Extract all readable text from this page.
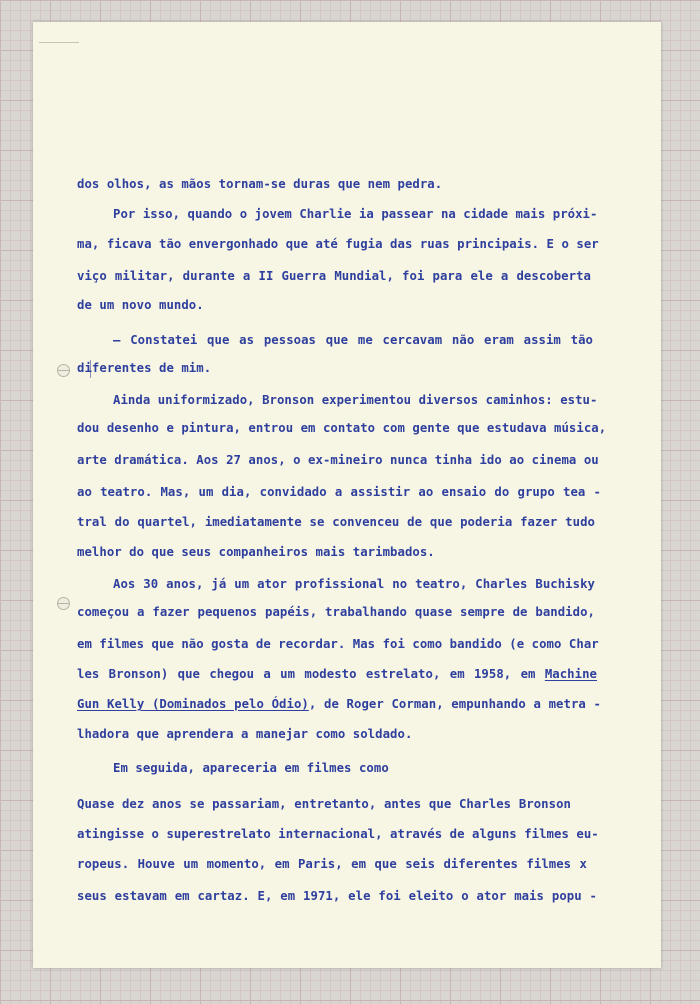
dos olhos, as mãos tornam-se duras que nem pedra.

Por isso, quando o jovem Charlie ia passear na cidade mais próxi-

ma, ficava tão envergonhado que até fugia das ruas principais. E o ser

viço militar, durante a II Guerra Mundial, foi para ele a descoberta

de um novo mundo.

— Constatei que as pessoas que me cercavam não eram assim tão

diferentes de mim.

Ainda uniformizado, Bronson experimentou diversos caminhos: estu-

dou desenho e pintura, entrou em contato com gente que estudava música,

arte dramática. Aos 27 anos, o ex-mineiro nunca tinha ido ao cinema ou

ao teatro. Mas, um dia, convidado a assistir ao ensaio do grupo tea -

tral do quartel, imediatamente se convenceu de que poderia fazer tudo

melhor do que seus companheiros mais tarimbados.

Aos 30 anos, já um ator profissional no teatro, Charles Buchisky

começou a fazer pequenos papéis, trabalhando quase sempre de bandido,

em filmes que não gosta de recordar. Mas foi como bandido (e como Char

les Bronson) que chegou a um modesto estrelato, em 1958, em Machine

Gun Kelly (Dominados pelo Ódio), de Roger Corman, empunhando a metra -

lhadora que aprendera a manejar como soldado.

Em seguida, apareceria em filmes como

Quase dez anos se passariam, entretanto, antes que Charles Bronson

atingisse o superestrelato internacional, através de alguns filmes eu-

ropeus. Houve um momento, em Paris, em que seis diferentes filmes x

seus estavam em cartaz. E, em 1971, ele foi eleito o ator mais popu -
